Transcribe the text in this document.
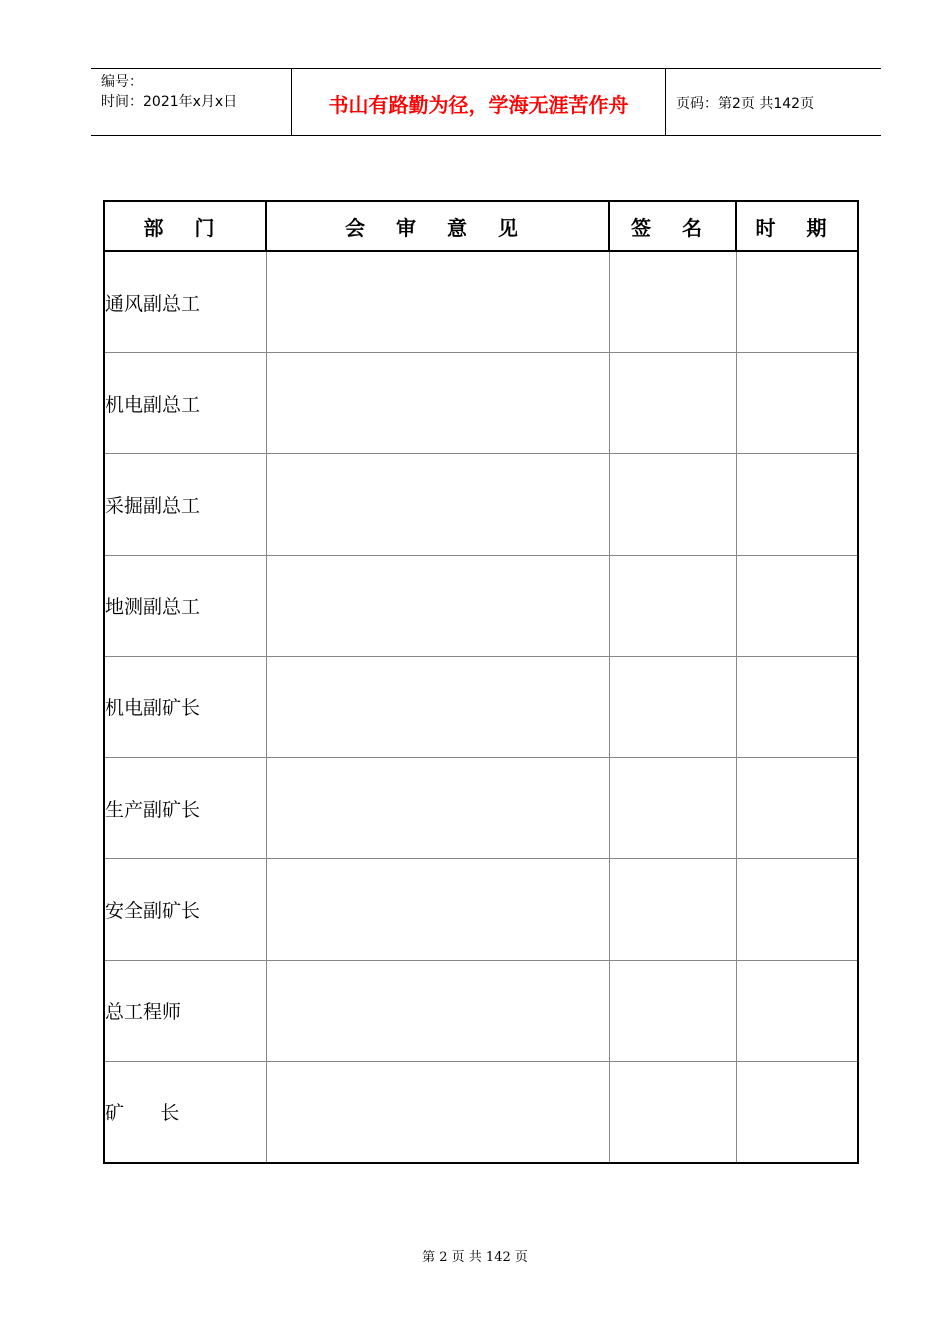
编号：
时间：2021年x月x日	书山有路勤为径，学海无涯苦作舟	页码：第2页 共142页
部 门	会 审 意 见	签 名	时 期
通风副总工			
机电副总工			
采掘副总工			
地测副总工			
机电副矿长			
生产副矿长			
安全副矿长			
总工程师			
矿      长			
第 2 页 共 142 页
